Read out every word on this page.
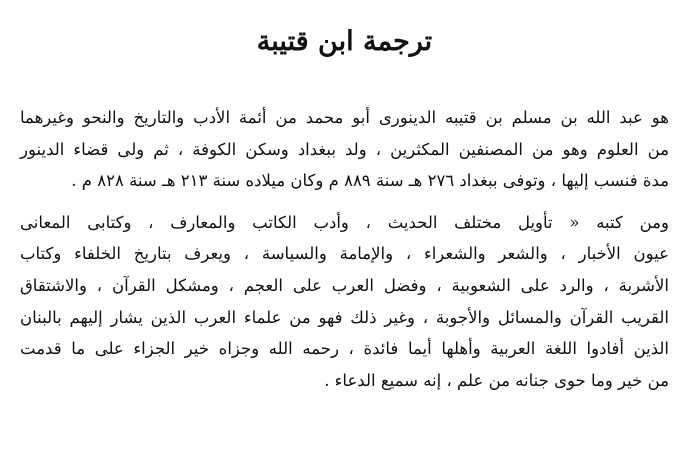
ترجمة ابن قتيبة

هو عبد الله بن مسلم بن قتيبه الدينورى أبو محمد من أئمة الأدب والتاريخ والنحو وغيرهما
من العلوم وهو من المصنفين المكثرين ، ولد ببغداد وسكن الكوفة ، ثم ولى قضاء الدينور
مدة فنسب إليها ، وتوفى ببغداد ٢٧٦ هـ سنة ٨٨٩ م وكان ميلاده سنة ٢١٣ هـ سنة ٨٢٨ م .

ومن كتبه « تأويل مختلف الحديث ، وأدب الكاتب والمعارف ، وكتابى المعانى
عيون الأخبار ، والشعر والشعراء ، والإمامة والسياسة ، ويعرف بتاريخ الخلفاء وكتاب
الأشربة ، والرد على الشعوبية ، وفضل العرب على العجم ، ومشكل القرآن ، والاشتقاق
القريب القرآن والمسائل والأجوبة ، وغير ذلك فهو من علماء العرب الذين يشار إليهم بالبنان
الذين أفادوا اللغة العربية وأهلها أيما فائدة ، رحمه الله وجزاه خير الجزاء على ما قدمت
من خير وما حوى جنانه من علم ، إنه سميع الدعاء .
